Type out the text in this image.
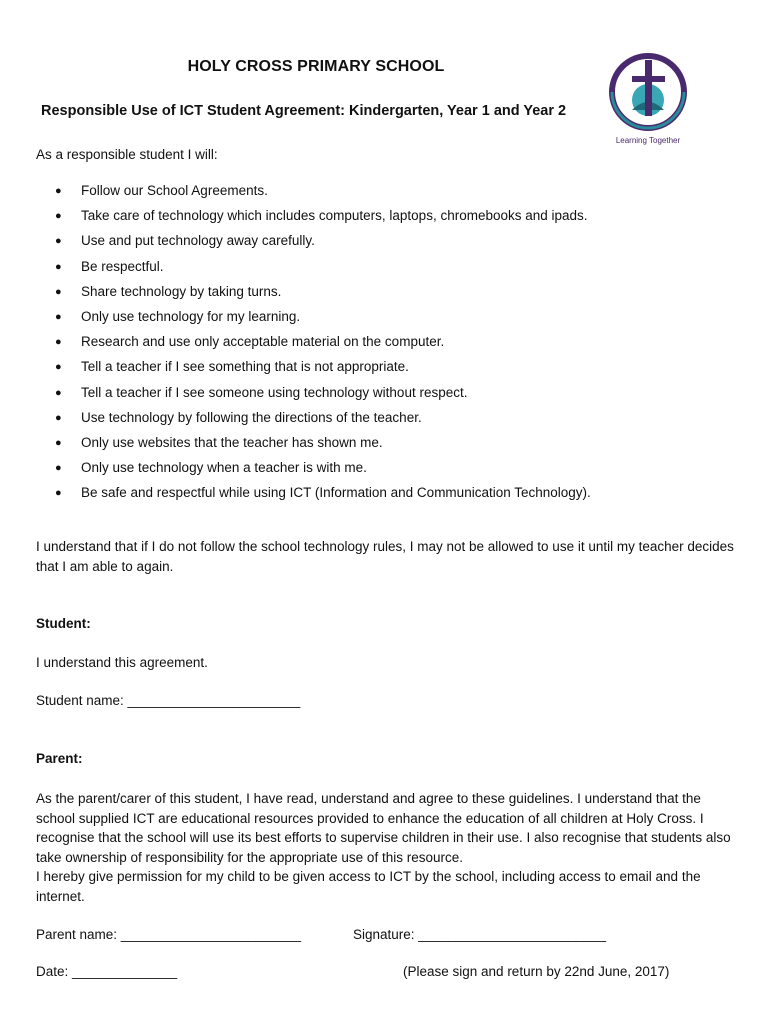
HOLY CROSS PRIMARY SCHOOL
Responsible Use of ICT Student Agreement: Kindergarten, Year 1 and Year 2
Learning Together
As a responsible student I will:
● Follow our School Agreements.
● Take care of technology which includes computers, laptops, chromebooks and ipads.
● Use and put technology away carefully.
● Be respectful.
● Share technology by taking turns.
● Only use technology for my learning.
● Research and use only acceptable material on the computer.
● Tell a teacher if I see something that is not appropriate.
● Tell a teacher if I see someone using technology without respect.
● Use technology by following the directions of the teacher.
● Only use websites that the teacher has shown me.
● Only use technology when a teacher is with me.
● Be safe and respectful while using ICT (Information and Communication Technology).
I understand that if I do not follow the school technology rules, I may not be allowed to use it until my teacher decides that I am able to again.
Student:
I understand this agreement.
Student name: _______________________
Parent:
As the parent/carer of this student, I have read, understand and agree to these guidelines. I understand that the school supplied ICT are educational resources provided to enhance the education of all children at Holy Cross. I recognise that the school will use its best efforts to supervise children in their use. I also recognise that students also take ownership of responsibility for the appropriate use of this resource.
I hereby give permission for my child to be given access to ICT by the school, including access to email and the internet.
Parent name: ________________________	Signature: _________________________
Date: ______________	(Please sign and return by 22nd June, 2017)
